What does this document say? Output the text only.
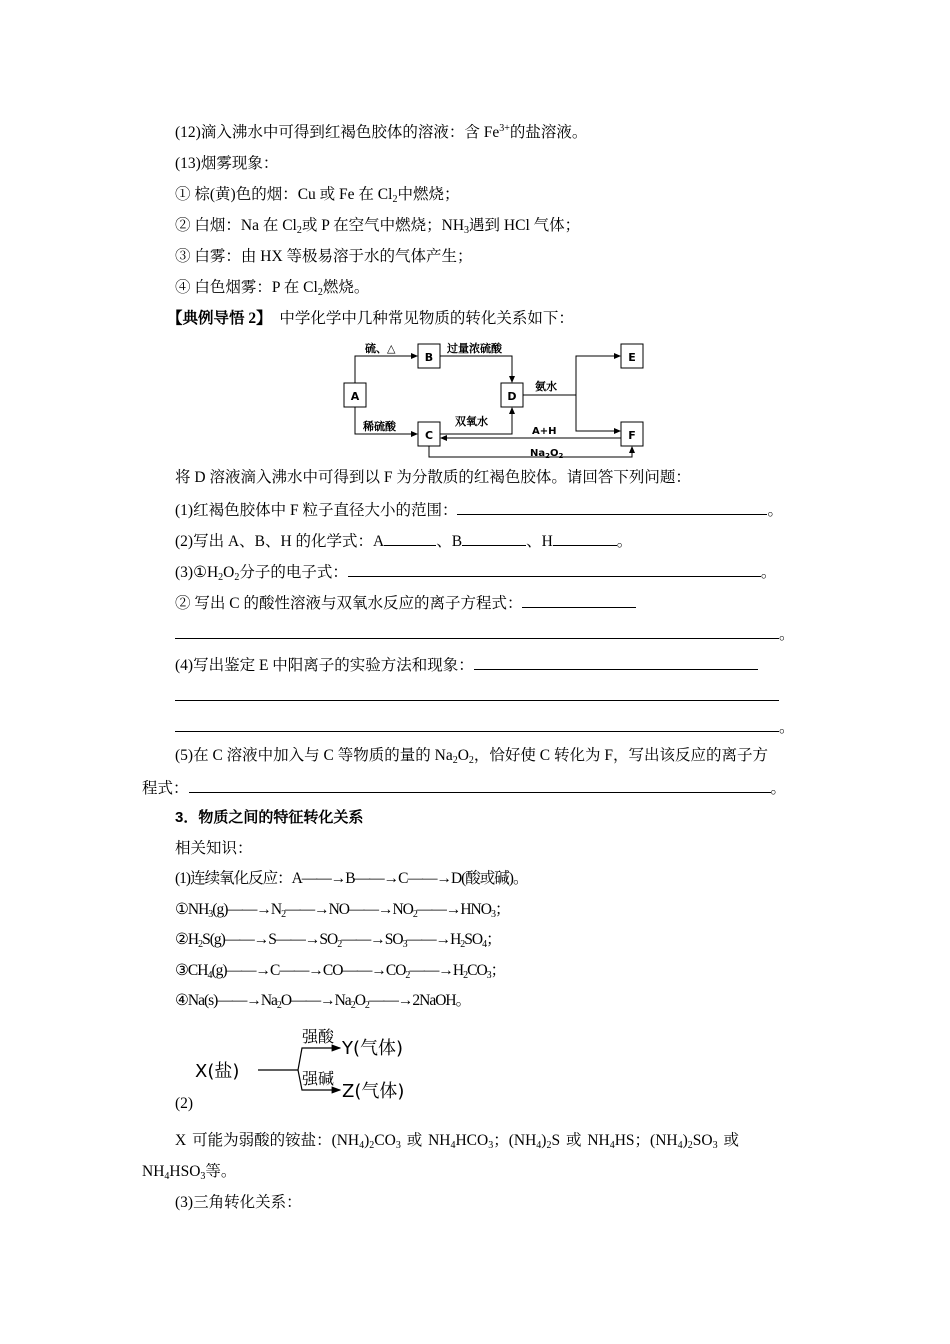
(12)滴入沸水中可得到红褐色胶体的溶液：含 $Fe^{3+}$的盐溶液。
(13)烟雾现象：
① 棕(黄)色的烟：Cu 或 Fe 在 $Cl_2$中燃烧；
② 白烟：Na 在 $Cl_2$或 P 在空气中燃烧；$NH_3$遇到 HCl 气体；
③ 白雾：由 HX 等极易溶于水的气体产生；
④ 白色烟雾：P 在 $Cl_2$燃烧。
【典例导悟 2】 中学化学中几种常见物质的转化关系如下：
A
B
C
D
E
F
硫、△	过量浓硫酸
稀硫酸	双氧水
氨水
A+H
$Na_2O_2$
将 D 溶液滴入沸水中可得到以 F 为分散质的红褐色胶体。请回答下列问题：
(1)红褐色胶体中 F 粒子直径大小的范围：	。
(2)写出 A、B、H 的化学式：A	、B	、H	。
$(3)①H_2O_2$分子的电子式：	。
② 写出 C 的酸性溶液与双氧水反应的离子方程式：
。
(4)写出鉴定 E 中阳离子的实验方法和现象：
。
(5)在 C 溶液中加入与 C 等物质的量的 $Na_2O_2$，恰好使 C 转化为 F，写出该反应的离子方
程式：	。
3．物质之间的特征转化关系
相关知识：
(1)连续氧化反应：A——→B——→C——→D(酸或碱)。
$①NH_3(g)——\to N_2——\to NO——\to NO_2——\to HNO_3$；
$②H_2S(g)——\to S——\to SO_2——\to SO_3——\to H_2SO_4$；
$③CH_4(g)——\to C——\to CO——\to CO_2——\to H_2CO_3$；
$④Na(s)——\to Na_2O——\to Na_2O_2——\to 2NaOH$。
X(盐)
强酸
强碱
Y(气体)
Z(气体)
(2)
X 可能为弱酸的铵盐：$(NH_4)_2CO_3$ 或 $NH_4HCO_3$；$(NH_4)_2S$ 或 $NH_4HS$；$(NH_4)_2SO_3$ 或
$NH_4HSO_3$等。
(3)三角转化关系：
